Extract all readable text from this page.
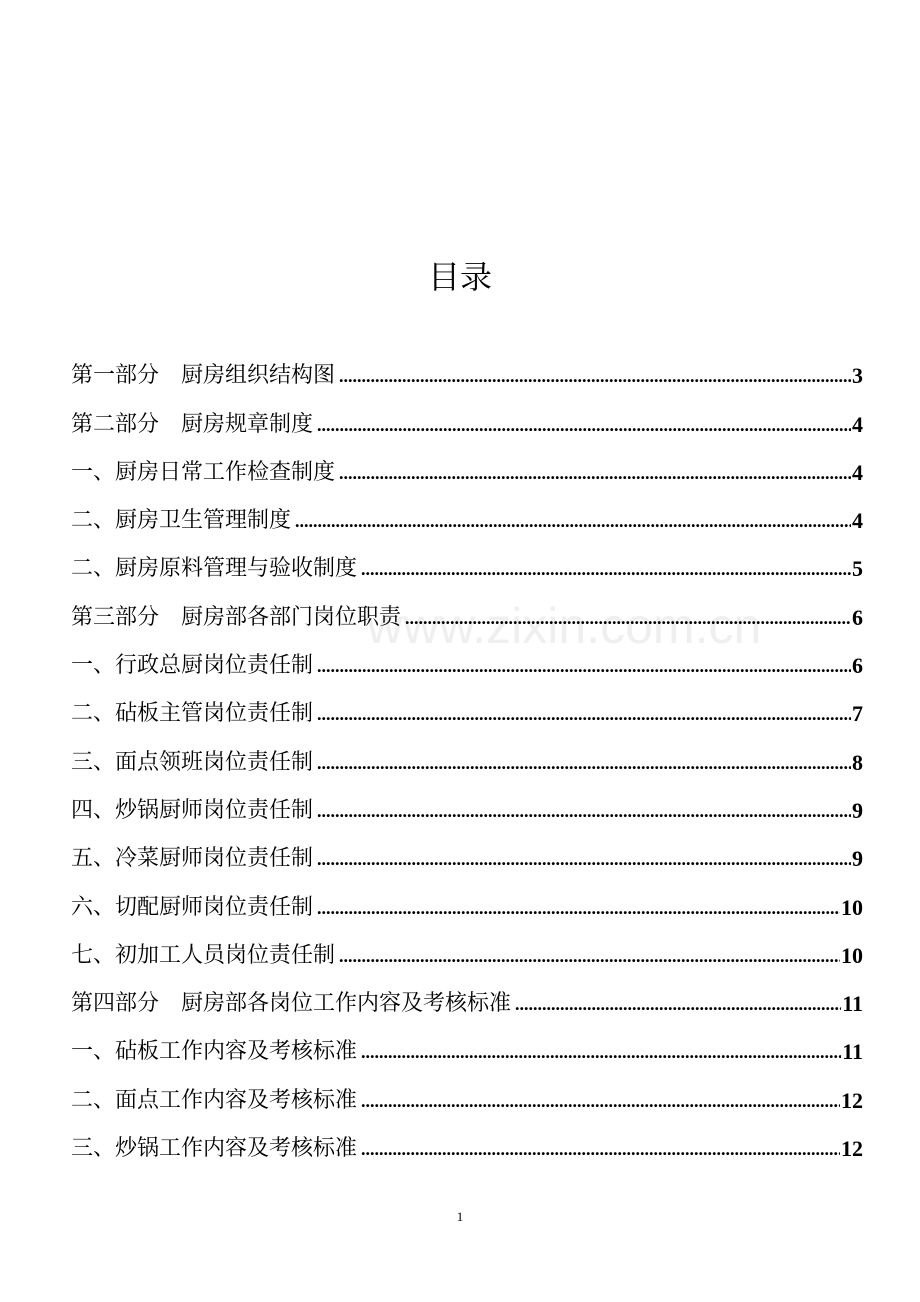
目录
www.zixin.com.cn
第一部分　厨房组织结构图 .....	3
第二部分　厨房规章制度 .....	4
一、厨房日常工作检查制度 .....	4
二、厨房卫生管理制度 .....	4
二、厨房原料管理与验收制度 .....	5
第三部分　厨房部各部门岗位职责 .....	6
一、行政总厨岗位责任制 .....	6
二、砧板主管岗位责任制 .....	7
三、面点领班岗位责任制 .....	8
四、炒锅厨师岗位责任制 .....	9
五、冷菜厨师岗位责任制 .....	9
六、切配厨师岗位责任制 .....	10
七、初加工人员岗位责任制 .....	10
第四部分　厨房部各岗位工作内容及考核标准 .....	11
一、砧板工作内容及考核标准 .....	11
二、面点工作内容及考核标准 .....	12
三、炒锅工作内容及考核标准 .....	12
1
